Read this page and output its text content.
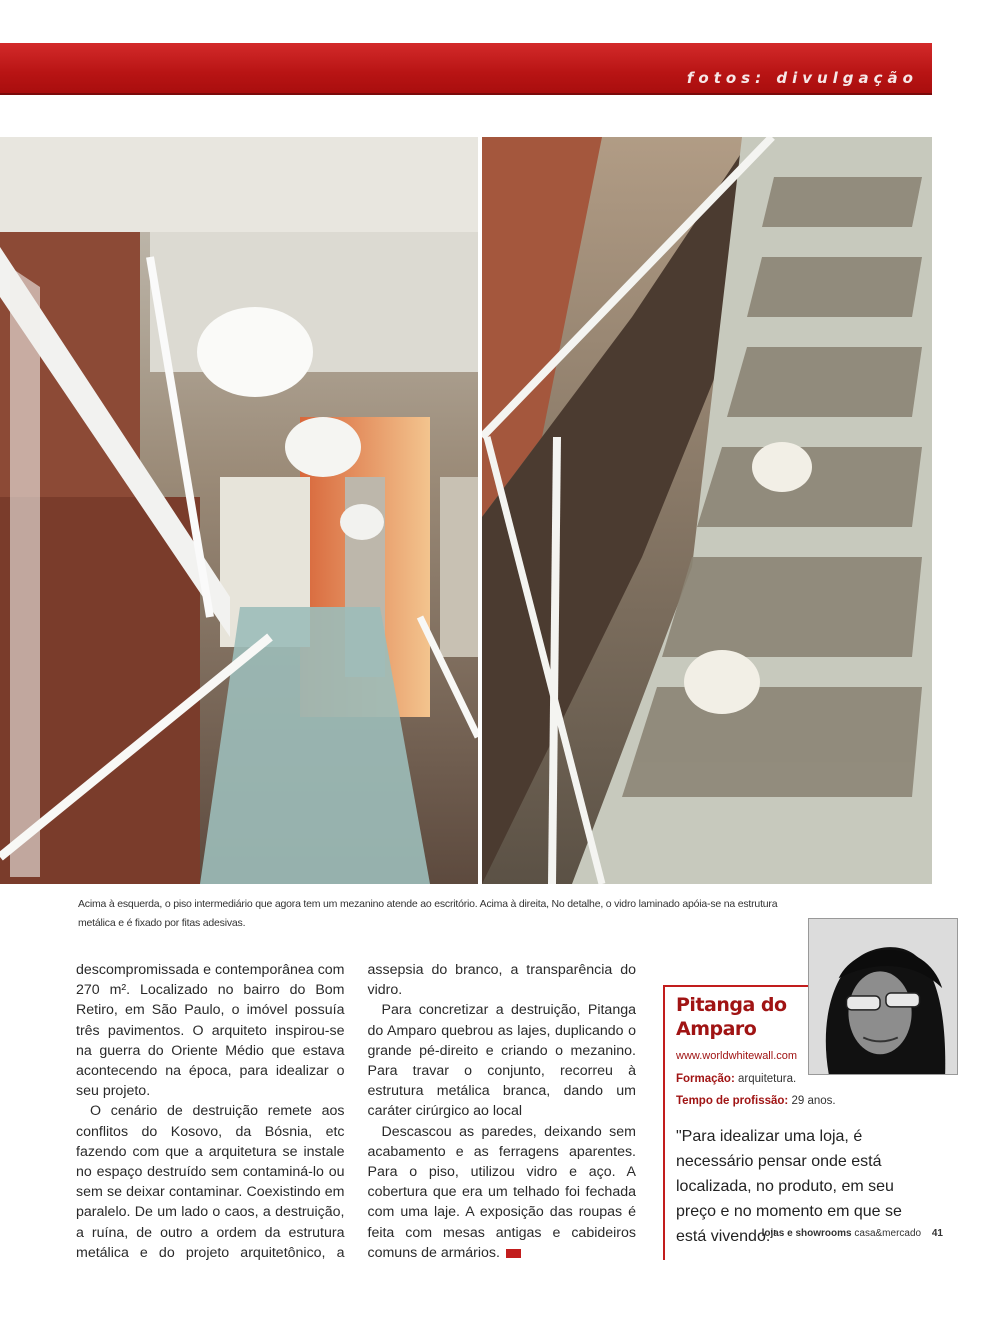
fotos: divulgação

Acima à esquerda, o piso intermediário que agora tem um mezanino atende ao escritório. Acima à direita, No detalhe, o vidro laminado apóia-se na estrutura metálica e é fixado por fitas adesivas.

descompromissada e contemporânea com 270 m². Localizado no bairro do Bom Retiro, em São Paulo, o imóvel possuía três pavimentos. O arquiteto inspirou-se na guerra do Oriente Médio que estava acontecendo na época, para idealizar o seu projeto.

O cenário de destruição remete aos conflitos do Kosovo, da Bósnia, etc fazendo com que a arquitetura se instale no espaço destruído sem contaminá-lo ou sem se deixar contaminar. Coexistindo em paralelo. De um lado o caos, a destruição, a ruína, de outro a ordem da estrutura metálica e do projeto arquitetônico, a assepsia do branco, a transparência do vidro.

Para concretizar a destruição, Pitanga do Amparo quebrou as lajes, duplicando o grande pé-direito e criando o mezanino. Para travar o conjunto, recorreu à estrutura metálica branca, dando um caráter cirúrgico ao local

Descascou as paredes, deixando sem acabamento e as ferragens aparentes. Para o piso, utilizou vidro e aço. A cobertura que era um telhado foi fechada com uma laje. A exposição das roupas é feita com mesas antigas e cabideiros comuns de armários.

Pitanga do Amparo
www.worldwhitewall.com
Formação: arquitetura.
Tempo de profissão: 29 anos.

"Para idealizar uma loja, é necessário pensar onde está localizada, no produto, em seu preço e no momento em que se está vivendo."

lojas e showrooms casa&mercado 41
